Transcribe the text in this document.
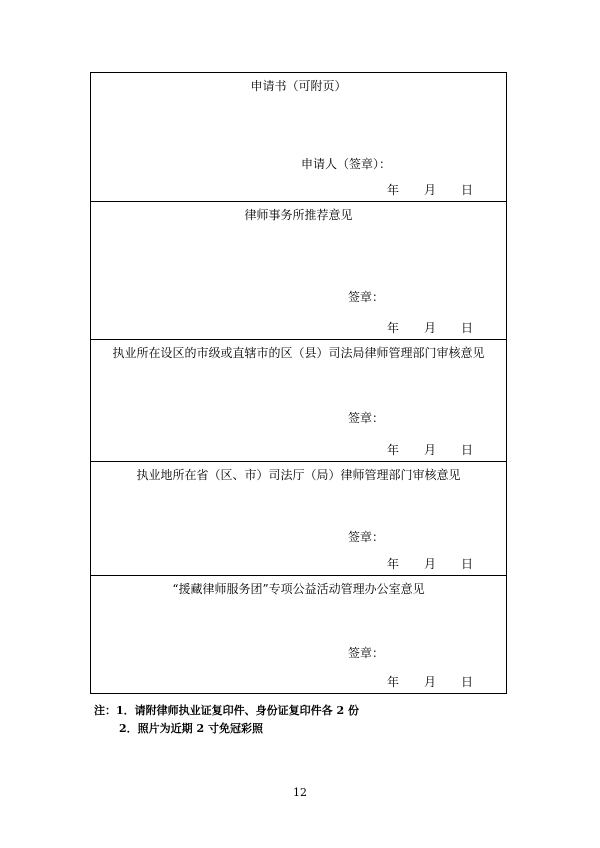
申请书（可附页）
申请人（签章）：
年 月 日
律师事务所推荐意见
签章：
年 月 日
执业所在设区的市级或直辖市的区（县）司法局律师管理部门审核意见
签章：
年 月 日
执业地所在省（区、市）司法厅（局）律师管理部门审核意见
签章：
年 月 日
“援藏律师服务团”专项公益活动管理办公室意见
签章：
年 月 日
注：1．请附律师执业证复印件、身份证复印件各 2 份
2．照片为近期 2 寸免冠彩照
12
